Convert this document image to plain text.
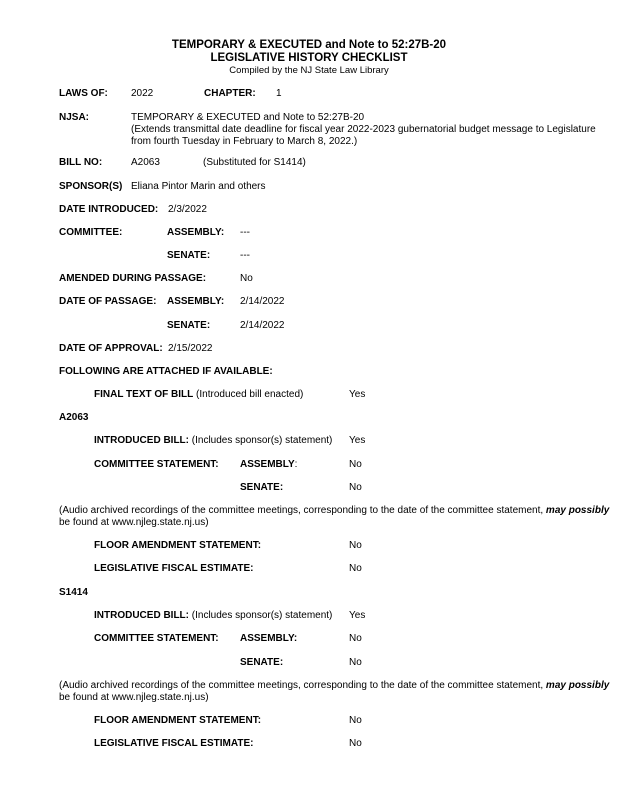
TEMPORARY & EXECUTED and Note to 52:27B-20
LEGISLATIVE HISTORY CHECKLIST
Compiled by the NJ State Law Library
LAWS OF: 2022	CHAPTER: 1
NJSA:	TEMPORARY & EXECUTED and Note to 52:27B-20
(Extends transmittal date deadline for fiscal year 2022-2023 gubernatorial budget message to Legislature
from fourth Tuesday in February to March 8, 2022.)
BILL NO:	A2063	(Substituted for S1414)
SPONSOR(S) Eliana Pintor Marin and others
DATE INTRODUCED: 2/3/2022
COMMITTEE:	ASSEMBLY: ---
SENATE:	---
AMENDED DURING PASSAGE:	No
DATE OF PASSAGE: ASSEMBLY: 2/14/2022
SENATE:	2/14/2022
DATE OF APPROVAL: 2/15/2022
FOLLOWING ARE ATTACHED IF AVAILABLE:
FINAL TEXT OF BILL (Introduced bill enacted)	Yes
A2063
INTRODUCED BILL: (Includes sponsor(s) statement) Yes
COMMITTEE STATEMENT: ASSEMBLY:	No
SENATE:	No
(Audio archived recordings of the committee meetings, corresponding to the date of the committee statement, may possibly
be found at www.njleg.state.nj.us)
FLOOR AMENDMENT STATEMENT:	No
LEGISLATIVE FISCAL ESTIMATE:	No
S1414
INTRODUCED BILL: (Includes sponsor(s) statement) Yes
COMMITTEE STATEMENT: ASSEMBLY:	No
SENATE:	No
(Audio archived recordings of the committee meetings, corresponding to the date of the committee statement, may possibly
be found at www.njleg.state.nj.us)
FLOOR AMENDMENT STATEMENT:	No
LEGISLATIVE FISCAL ESTIMATE:	No
